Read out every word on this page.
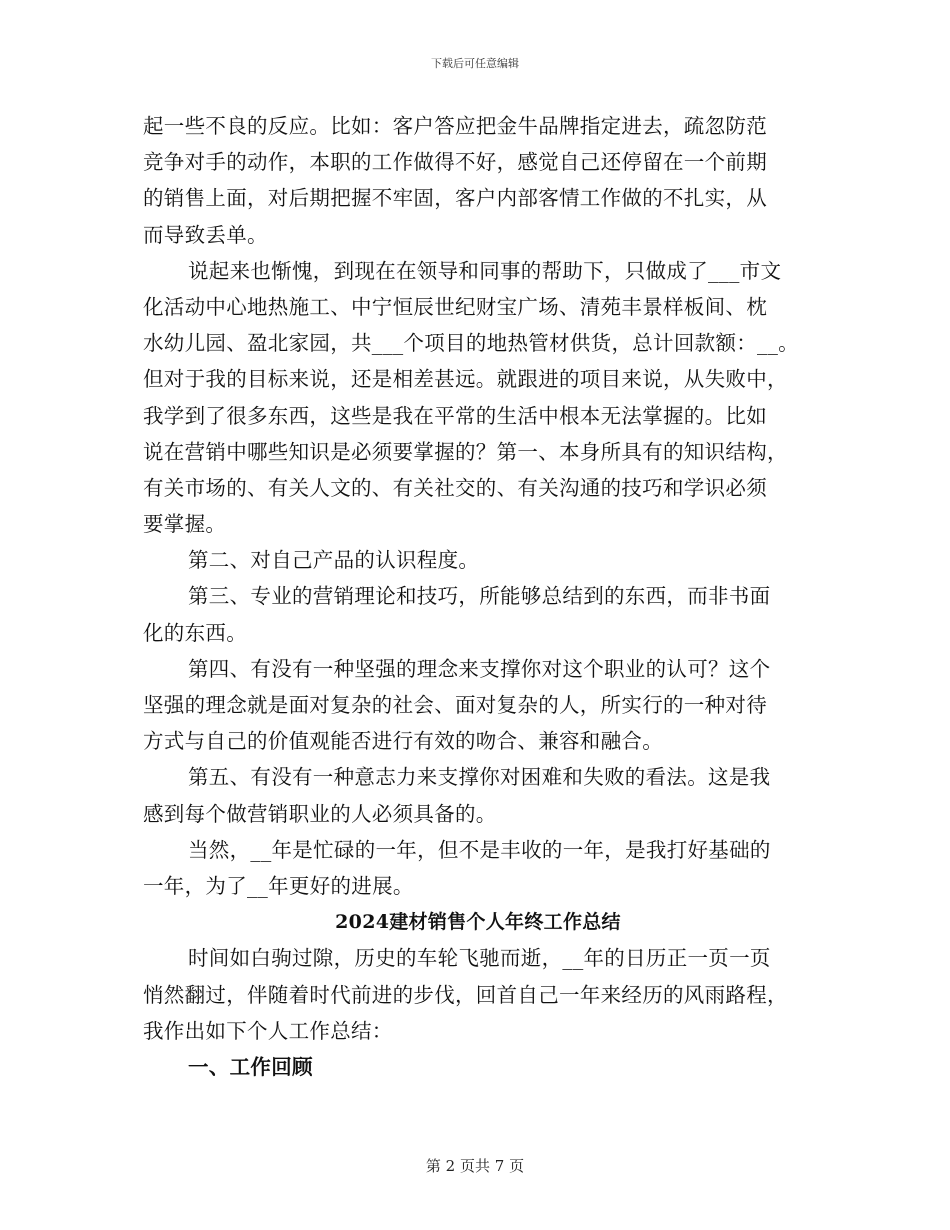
下载后可任意编辑
起一些不良的反应。比如：客户答应把金牛品牌指定进去，疏忽防范
竞争对手的动作，本职的工作做得不好，感觉自己还停留在一个前期
的销售上面，对后期把握不牢固，客户内部客情工作做的不扎实，从
而导致丢单。
说起来也惭愧，到现在在领导和同事的帮助下，只做成了___市文
化活动中心地热施工、中宁恒辰世纪财宝广场、清苑丰景样板间、枕
水幼儿园、盈北家园，共___个项目的地热管材供货，总计回款额：__。
但对于我的目标来说，还是相差甚远。就跟进的项目来说，从失败中，
我学到了很多东西，这些是我在平常的生活中根本无法掌握的。比如
说在营销中哪些知识是必须要掌握的？第一、本身所具有的知识结构，
有关市场的、有关人文的、有关社交的、有关沟通的技巧和学识必须
要掌握。
第二、对自己产品的认识程度。
第三、专业的营销理论和技巧，所能够总结到的东西，而非书面
化的东西。
第四、有没有一种坚强的理念来支撑你对这个职业的认可？这个
坚强的理念就是面对复杂的社会、面对复杂的人，所实行的一种对待
方式与自己的价值观能否进行有效的吻合、兼容和融合。
第五、有没有一种意志力来支撑你对困难和失败的看法。这是我
感到每个做营销职业的人必须具备的。
当然，__年是忙碌的一年，但不是丰收的一年，是我打好基础的
一年，为了__年更好的进展。
2024建材销售个人年终工作总结
时间如白驹过隙，历史的车轮飞驰而逝，__年的日历正一页一页
悄然翻过，伴随着时代前进的步伐，回首自己一年来经历的风雨路程，
我作出如下个人工作总结：
一、工作回顾
第 2 页共 7 页
